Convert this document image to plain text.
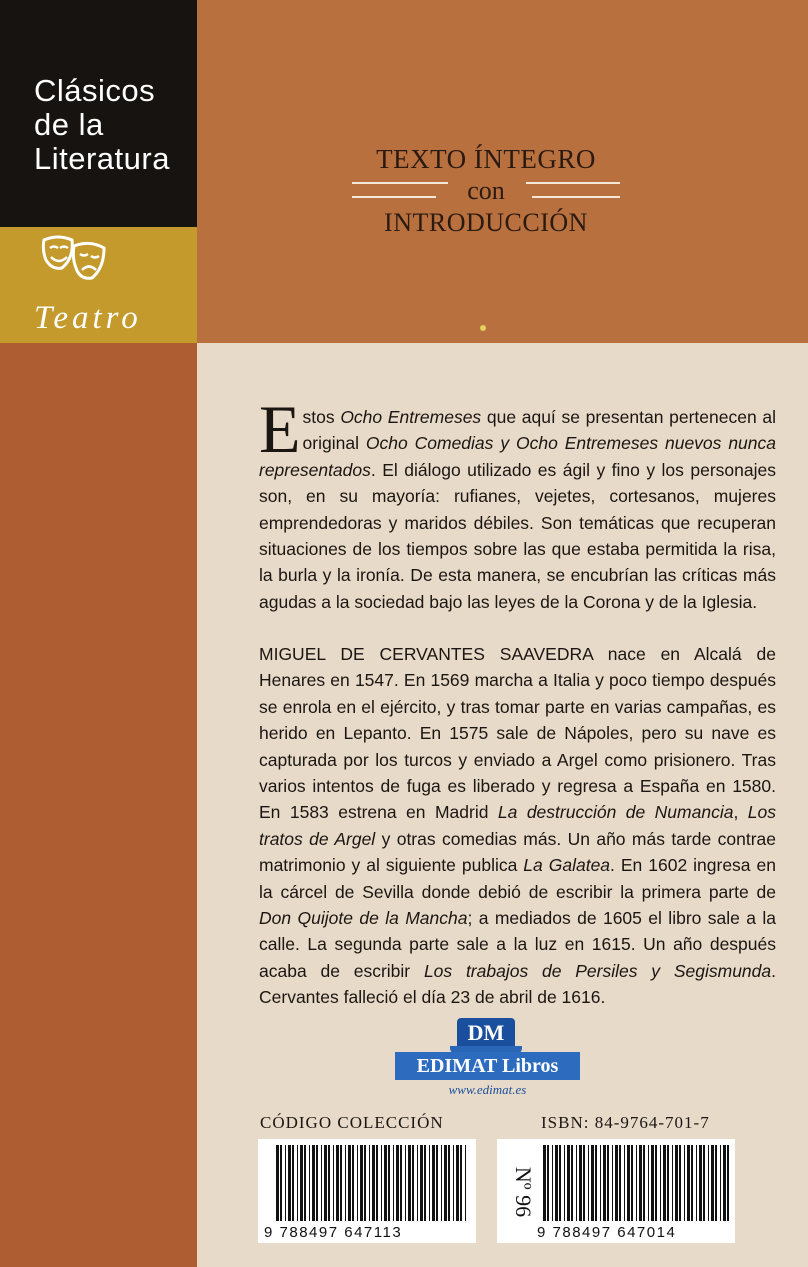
Clásicos
de la
Literatura
Teatro
TEXTO ÍNTEGRO
con
INTRODUCCIÓN
E stos Ocho Entremeses que aquí se presentan pertenecen al original Ocho Comedias y Ocho Entremeses nuevos nunca representados. El diálogo utilizado es ágil y fino y los personajes son, en su mayoría: rufianes, vejetes, cortesanos, mujeres emprendedoras y maridos débiles. Son temáticas que recuperan situaciones de los tiempos sobre las que estaba permitida la risa, la burla y la ironía. De esta manera, se encubrían las críticas más agudas a la sociedad bajo las leyes de la Corona y de la Iglesia.
MIGUEL DE CERVANTES SAAVEDRA nace en Alcalá de Henares en 1547. En 1569 marcha a Italia y poco tiempo después se enrola en el ejército, y tras tomar parte en varias campañas, es herido en Lepanto. En 1575 sale de Nápoles, pero su nave es capturada por los turcos y enviado a Argel como prisionero. Tras varios intentos de fuga es liberado y regresa a España en 1580. En 1583 estrena en Madrid La destrucción de Numancia, Los tratos de Argel y otras comedias más. Un año más tarde contrae matrimonio y al siguiente publica La Galatea. En 1602 ingresa en la cárcel de Sevilla donde debió de escribir la primera parte de Don Quijote de la Mancha; a mediados de 1605 el libro sale a la calle. La segunda parte sale a la luz en 1615. Un año después acaba de escribir Los trabajos de Persiles y Segismunda. Cervantes falleció el día 23 de abril de 1616.
DM
EDIMAT Libros
www.edimat.es
CÓDIGO COLECCIÓN	ISBN: 84-9764-701-7
9 788497 647113	9 788497 647014
Nº 96
